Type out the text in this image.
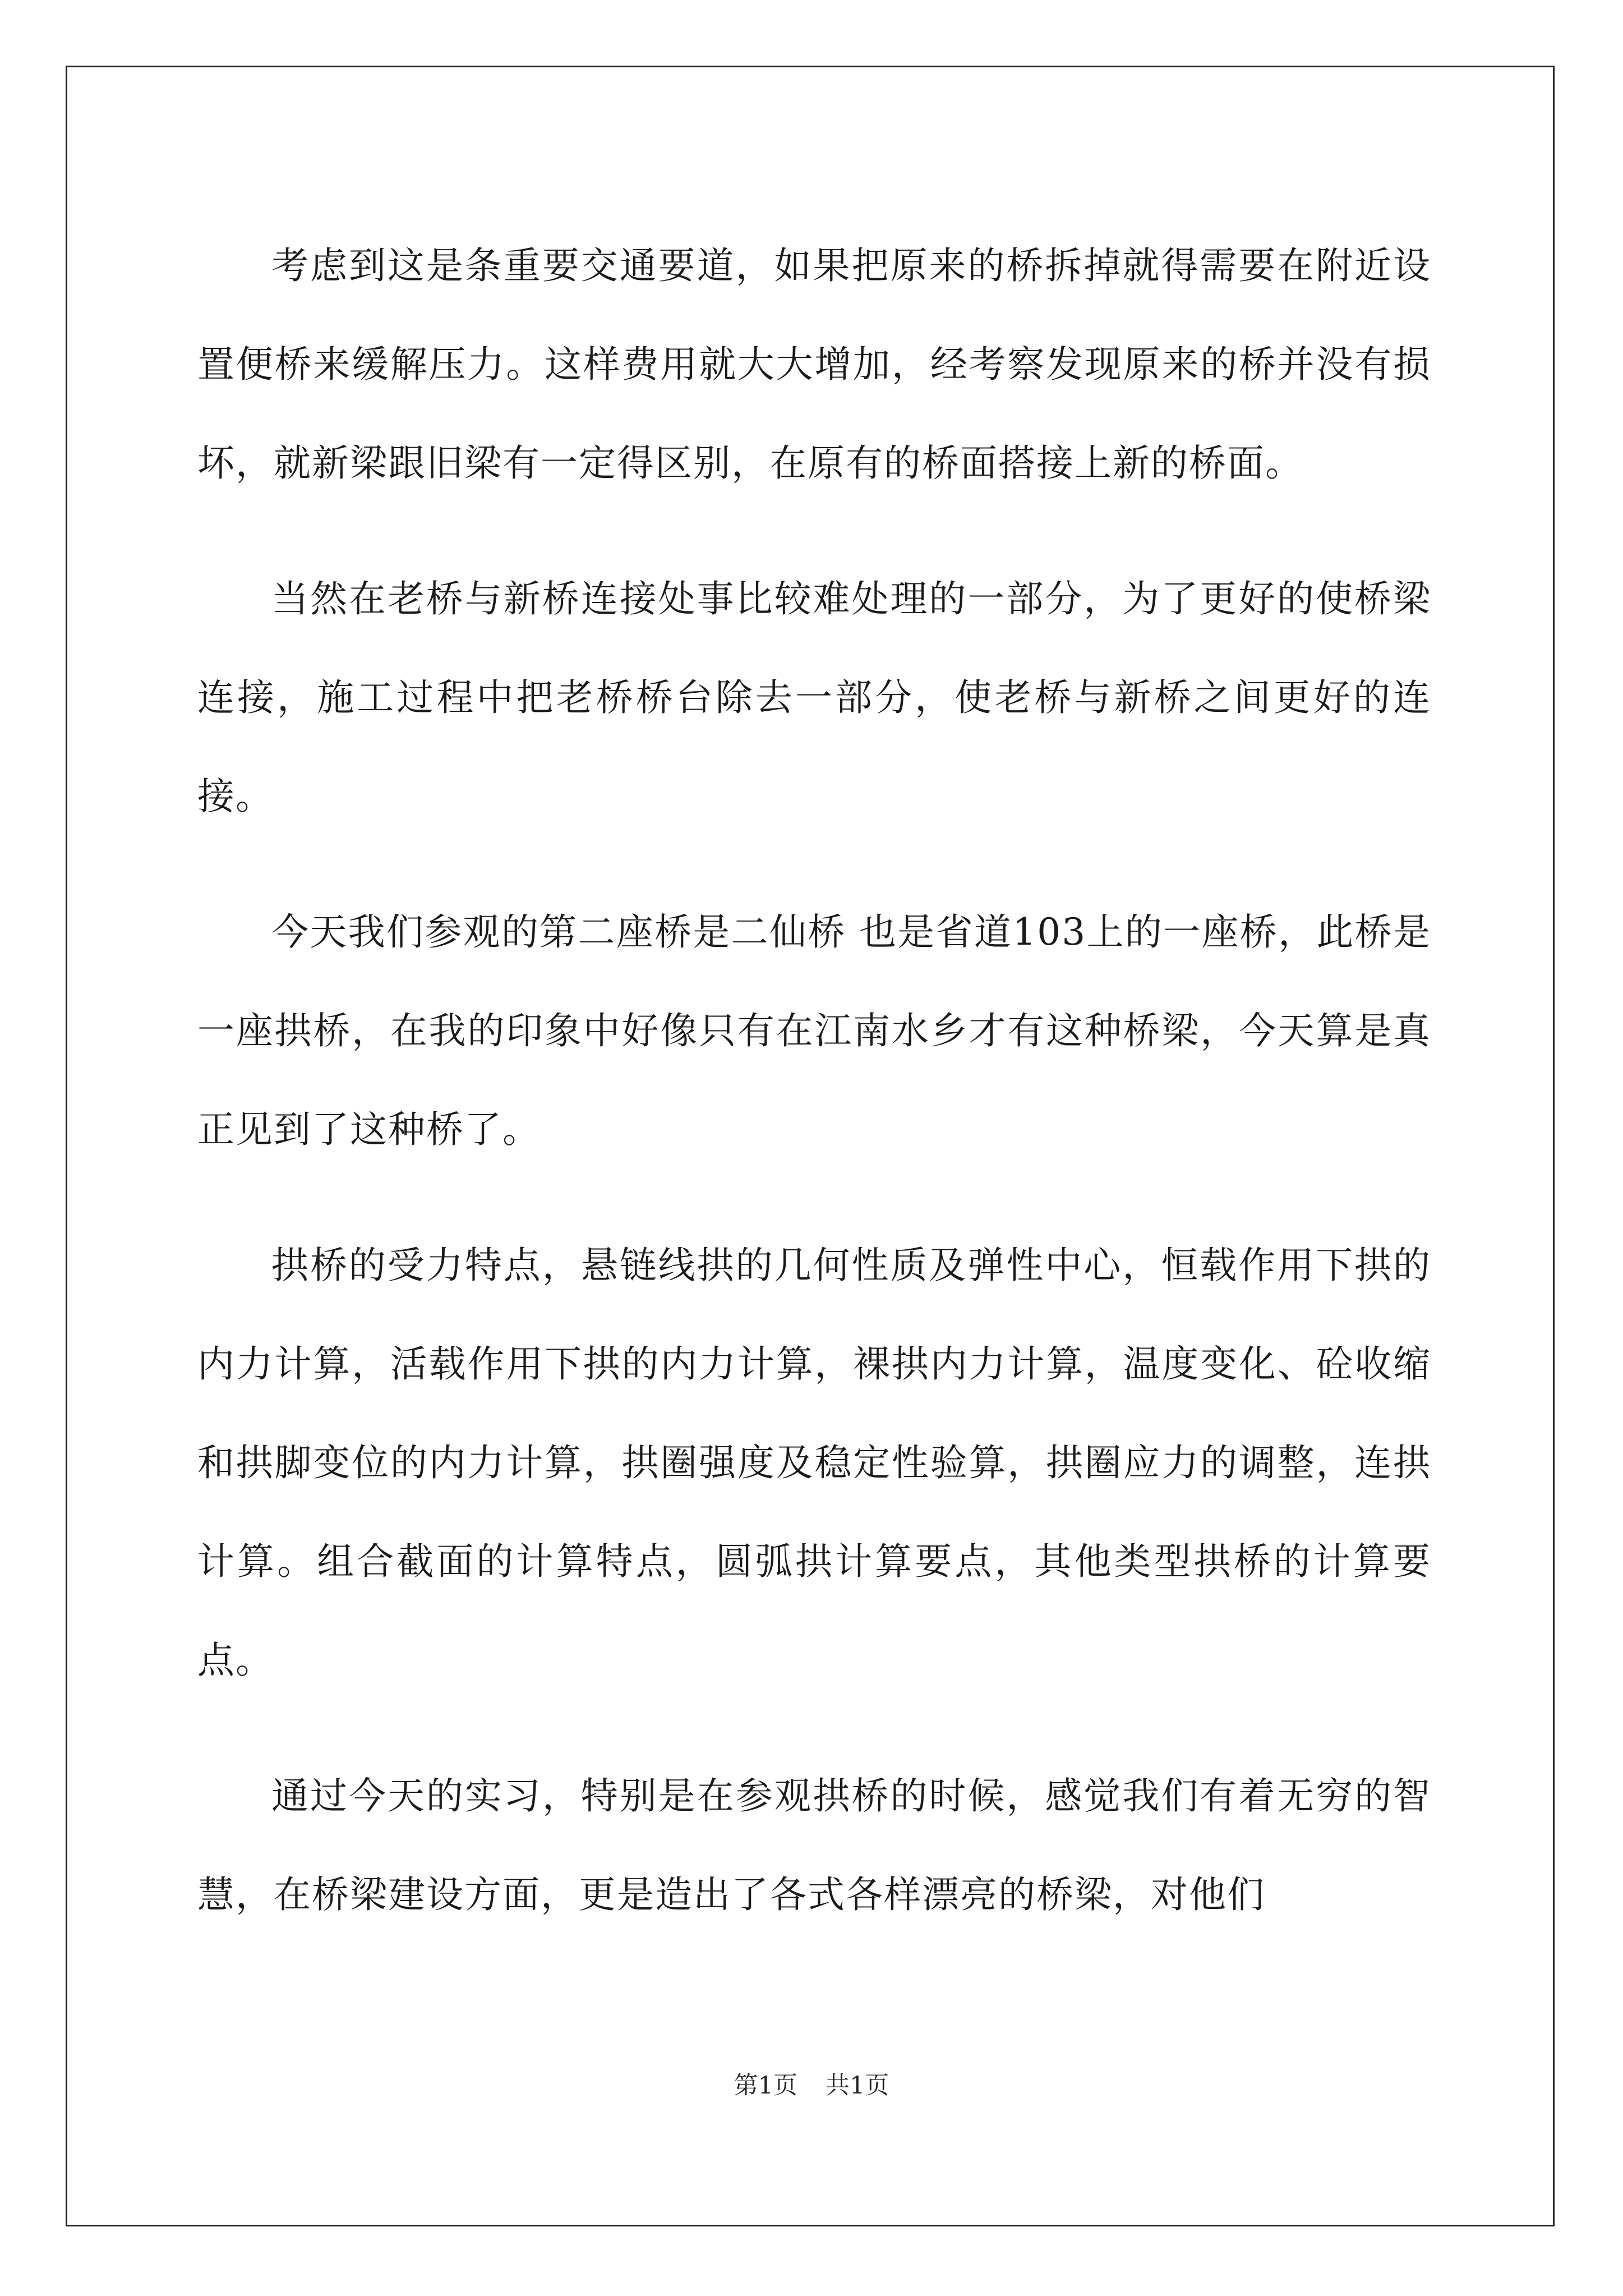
考虑到这是条重要交通要道，如果把原来的桥拆掉就得需要在附近设置便桥来缓解压力。这样费用就大大增加，经考察发现原来的桥并没有损坏，就新梁跟旧梁有一定得区别，在原有的桥面搭接上新的桥面。

当然在老桥与新桥连接处事比较难处理的一部分，为了更好的使桥梁连接，施工过程中把老桥桥台除去一部分，使老桥与新桥之间更好的连接。

今天我们参观的第二座桥是二仙桥 也是省道103上的一座桥，此桥是一座拱桥，在我的印象中好像只有在江南水乡才有这种桥梁，今天算是真正见到了这种桥了。

拱桥的受力特点，悬链线拱的几何性质及弹性中心，恒载作用下拱的内力计算，活载作用下拱的内力计算，裸拱内力计算，温度变化、砼收缩和拱脚变位的内力计算，拱圈强度及稳定性验算，拱圈应力的调整，连拱计算。组合截面的计算特点，圆弧拱计算要点，其他类型拱桥的计算要点。

通过今天的实习，特别是在参观拱桥的时候，感觉我们有着无穷的智慧，在桥梁建设方面，更是造出了各式各样漂亮的桥梁，对他们

第1页 共1页
